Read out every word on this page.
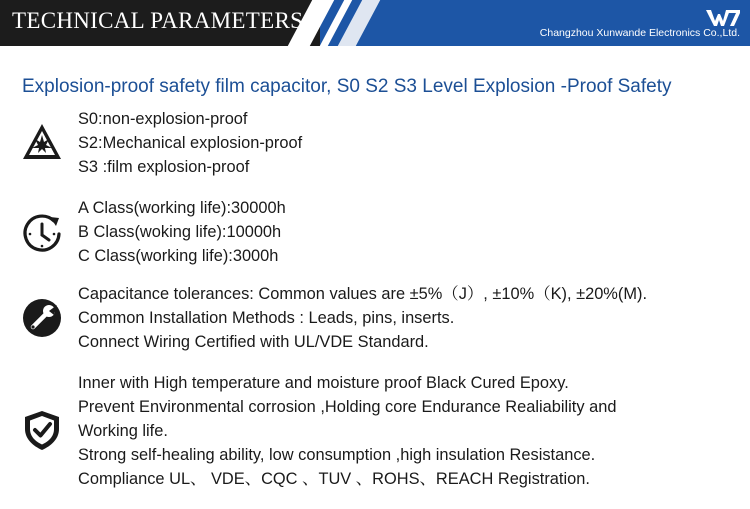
TECHNICAL PARAMETERS	Changzhou Xunwande Electronics Co.,Ltd.
Explosion-proof safety film capacitor, S0 S2 S3 Level Explosion -Proof Safety
S0:non-explosion-proof
S2:Mechanical explosion-proof
S3 :film explosion-proof
A Class(working life):30000h
B Class(woking life):10000h
C Class(working life):3000h
Capacitance tolerances: Common values are ±5%（J）, ±10%（K), ±20%(M).
Common Installation Methods : Leads, pins, inserts.
Connect Wiring Certified with UL/VDE Standard.
Inner with High temperature and moisture proof Black Cured Epoxy.
Prevent Environmental corrosion ,Holding core Endurance Realiability and
Working life.
Strong self-healing ability, low consumption ,high insulation Resistance.
Compliance UL、 VDE、CQC 、TUV 、ROHS、REACH Registration.
